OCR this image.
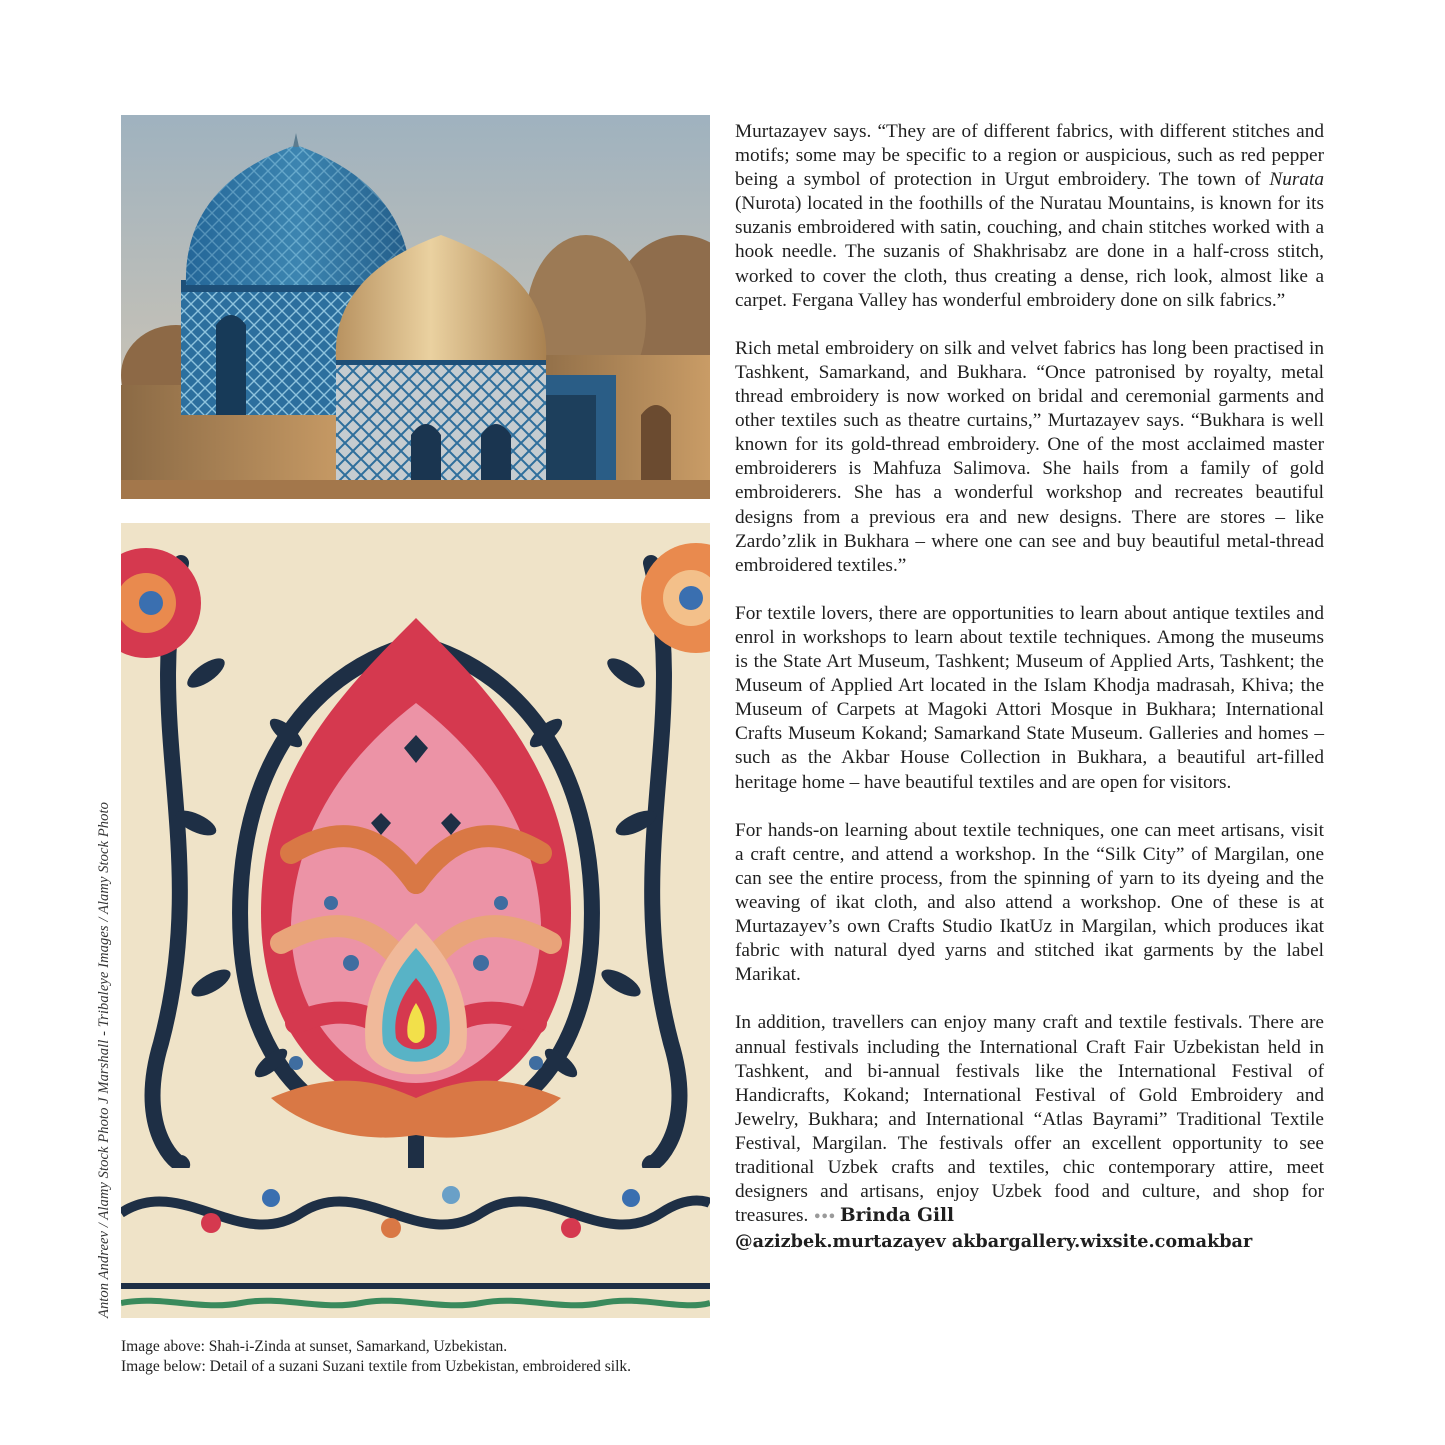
Anton Andreev / Alamy Stock Photo J Marshall - Tribaleye Images / Alamy Stock Photo
Image above: Shah-i-Zinda at sunset, Samarkand, Uzbekistan.
Image below: Detail of a suzani Suzani textile from Uzbekistan, embroidered silk.

Murtazayev says. “They are of different fabrics, with different stitches and motifs; some may be specific to a region or auspicious, such as red pepper being a symbol of protection in Urgut embroidery. The town of Nurata (Nurota) located in the foothills of the Nuratau Mountains, is known for its suzanis embroidered with satin, couching, and chain stitches worked with a hook needle. The suzanis of Shakhrisabz are done in a half-cross stitch, worked to cover the cloth, thus creating a dense, rich look, almost like a carpet. Fergana Valley has wonderful embroidery done on silk fabrics.”

Rich metal embroidery on silk and velvet fabrics has long been practised in Tashkent, Samarkand, and Bukhara. “Once patronised by royalty, metal thread embroidery is now worked on bridal and ceremonial garments and other textiles such as theatre curtains,” Murtazayev says. “Bukhara is well known for its gold-thread embroidery. One of the most acclaimed master embroiderers is Mahfuza Salimova. She hails from a family of gold embroiderers. She has a wonderful workshop and recreates beautiful designs from a previous era and new designs. There are stores – like Zardo’zlik in Bukhara – where one can see and buy beautiful metal-thread embroidered textiles.”

For textile lovers, there are opportunities to learn about antique textiles and enrol in workshops to learn about textile techniques. Among the museums is the State Art Museum, Tashkent; Museum of Applied Arts, Tashkent; the Museum of Applied Art located in the Islam Khodja madrasah, Khiva; the Museum of Carpets at Magoki Attori Mosque in Bukhara; International Crafts Museum Kokand; Samarkand State Museum. Galleries and homes – such as the Akbar House Collection in Bukhara, a beautiful art-filled heritage home – have beautiful textiles and are open for visitors.

For hands-on learning about textile techniques, one can meet artisans, visit a craft centre, and attend a workshop. In the “Silk City” of Margilan, one can see the entire process, from the spinning of yarn to its dyeing and the weaving of ikat cloth, and also attend a workshop. One of these is at Murtazayev’s own Crafts Studio IkatUz in Margilan, which produces ikat fabric with natural dyed yarns and stitched ikat garments by the label Marikat.

In addition, travellers can enjoy many craft and textile festivals. There are annual festivals including the International Craft Fair Uzbekistan held in Tashkent, and bi-annual festivals like the International Festival of Handicrafts, Kokand; International Festival of Gold Embroidery and Jewelry, Bukhara; and International “Atlas Bayrami” Traditional Textile Festival, Margilan. The festivals offer an excellent opportunity to see traditional Uzbek crafts and textiles, chic contemporary attire, meet designers and artisans, enjoy Uzbek food and culture, and shop for treasures. ••• Brinda Gill
@azizbek.murtazayev akbargallery.wixsite.comakbar
